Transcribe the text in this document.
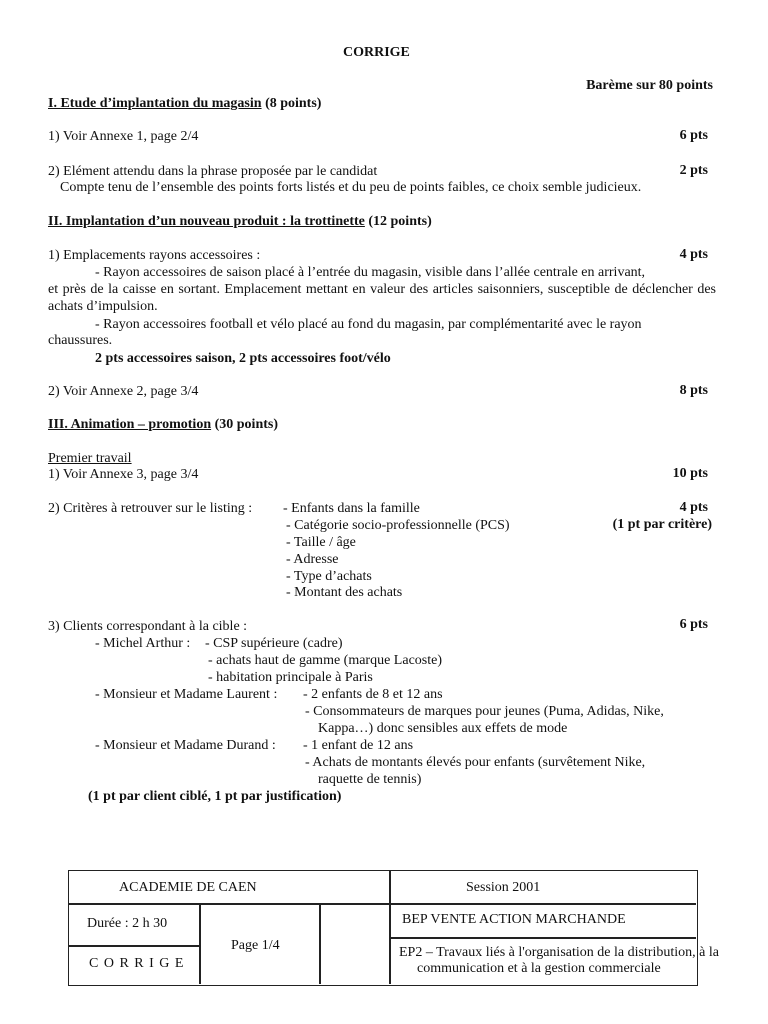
CORRIGE
Barème sur 80 points
I. Etude d’implantation du magasin (8 points)
1) Voir Annexe 1, page 2/4	6 pts
2) Elément attendu dans la phrase proposée par le candidat	2 pts
Compte tenu de l’ensemble des points forts listés et du peu de points faibles, ce choix semble judicieux.
II. Implantation d’un nouveau produit : la trottinette (12 points)
1) Emplacements rayons accessoires :	4 pts
- Rayon accessoires de saison placé à l’entrée du magasin, visible dans l’allée centrale en arrivant,
et près de la caisse en sortant. Emplacement mettant en valeur des articles saisonniers, susceptible de déclencher des achats d’impulsion.
- Rayon accessoires football et vélo placé au fond du magasin, par complémentarité avec le rayon
chaussures.
2 pts accessoires saison, 2 pts accessoires foot/vélo
2) Voir Annexe 2, page 3/4	8 pts
III. Animation – promotion (30 points)
Premier travail
1) Voir Annexe 3, page 3/4	10 pts
2) Critères à retrouver sur le listing :	4 pts
(1 pt par critère)
- Enfants dans la famille
- Catégorie socio-professionnelle (PCS)
- Taille / âge
- Adresse
- Type d’achats
- Montant des achats
3) Clients correspondant à la cible :	6 pts
- Michel Arthur : - CSP supérieure (cadre)
- achats haut de gamme (marque Lacoste)
- habitation principale à Paris
- Monsieur et Madame Laurent : - 2 enfants de 8 et 12 ans
- Consommateurs de marques pour jeunes (Puma, Adidas, Nike,
Kappa…) donc sensibles aux effets de mode
- Monsieur et Madame Durand : - 1 enfant de 12 ans
- Achats de montants élevés pour enfants (survêtement Nike,
raquette de tennis)
(1 pt par client ciblé, 1 pt par justification)
ACADEMIE DE CAEN	Session 2001
Durée : 2 h 30
Page 1/4
C O R R I G E
BEP VENTE ACTION MARCHANDE
EP2 – Travaux liés à l'organisation de la distribution, à la
communication et à la gestion commerciale
